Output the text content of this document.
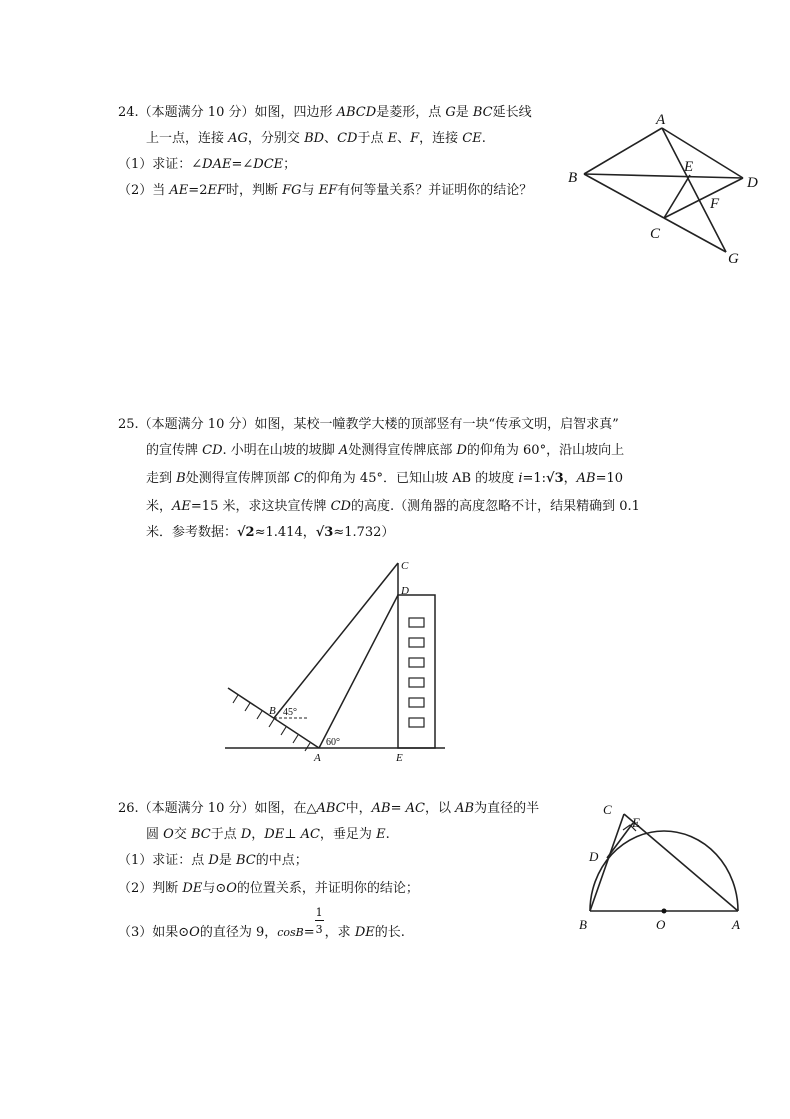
24.（本题满分 10 分）如图，四边形 ABCD是菱形，点 G是 BC延长线
上一点，连接 AG，分别交 BD、CD于点 E、F，连接 CE.
（1）求证：∠DAE=∠DCE；
（2）当 AE=2EF时，判断 FG与 EF有何等量关系？并证明你的结论？
A
B
C
D
E
F
G
25.（本题满分 10 分）如图，某校一幢教学大楼的顶部竖有一块“传承文明，启智求真”
的宣传牌 CD. 小明在山坡的坡脚 A处测得宣传牌底部 D的仰角为 60°，沿山坡向上
走到 B处测得宣传牌顶部 C的仰角为 45°．已知山坡 AB 的坡度 i=1:√3，AB=10
米，AE=15 米，求这块宣传牌 CD的高度.（测角器的高度忽略不计，结果精确到 0.1
米．参考数据：√2≈1.414，√3≈1.732）
C
D
B
A	E
45°
60°
26.（本题满分 10 分）如图，在△ABC中，AB= AC，以 AB为直径的半
圆 O交 BC于点 D，DE⊥ AC，垂足为 E.
（1）求证：点 D是 BC的中点；
（2）判断 DE与⊙O的位置关系，并证明你的结论；
（3）如果⊙O的直径为 9，$\cos B= \frac{1}{3}$ ，求 DE的长.
C
E
D
B	O	A
